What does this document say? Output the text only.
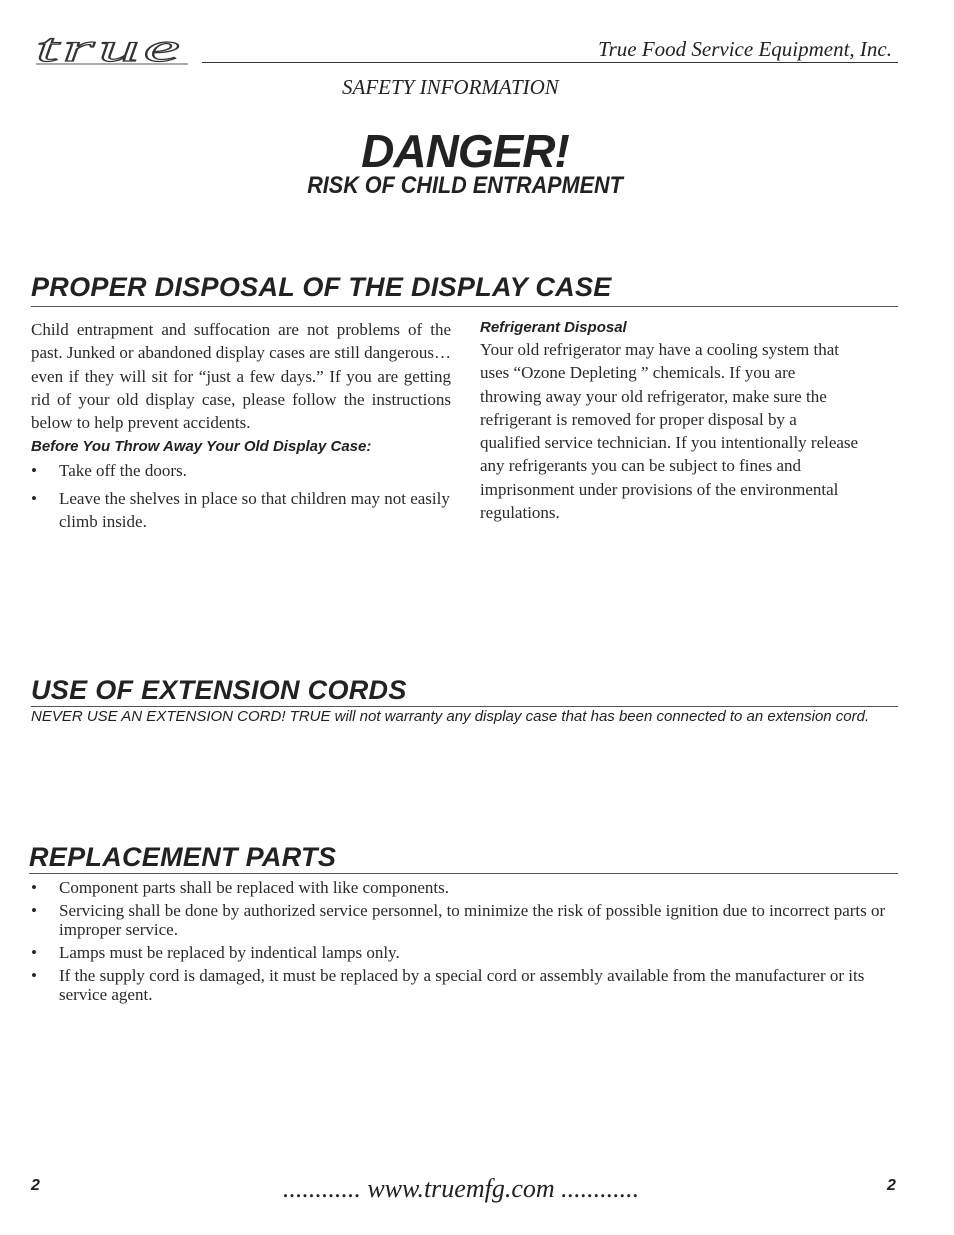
true	True Food Service Equipment, Inc.
SAFETY INFORMATION
DANGER!
RISK OF CHILD ENTRAPMENT
PROPER DISPOSAL OF THE DISPLAY CASE
Child entrapment and suffocation are not problems of the past. Junked or abandoned display cases are still dangerous… even if they will sit for “just a few days.” If you are getting rid of your old display case, please follow the instructions below to help prevent accidents.
Before You Throw Away Your Old Display Case:
• Take off the doors.
• Leave the shelves in place so that children may not easily climb inside.
Refrigerant Disposal
Your old refrigerator may have a cooling system that uses “Ozone Depleting ” chemicals. If you are throwing away your old refrigerator, make sure the refrigerant is removed for proper disposal by a qualified service technician. If you intentionally release any refrigerants you can be subject to fines and imprisonment under provisions of the environmental regulations.
USE OF EXTENSION CORDS
NEVER USE AN EXTENSION CORD! TRUE will not warranty any display case that has been connected to an extension cord.
REPLACEMENT PARTS
• Component parts shall be replaced with like components.
• Servicing shall be done by authorized service personnel, to minimize the risk of possible ignition due to incorrect parts or improper service.
• Lamps must be replaced by indentical lamps only.
• If the supply cord is damaged, it must be replaced by a special cord or assembly available from the manufacturer or its service agent.
2	............ www.truemfg.com ............	2
